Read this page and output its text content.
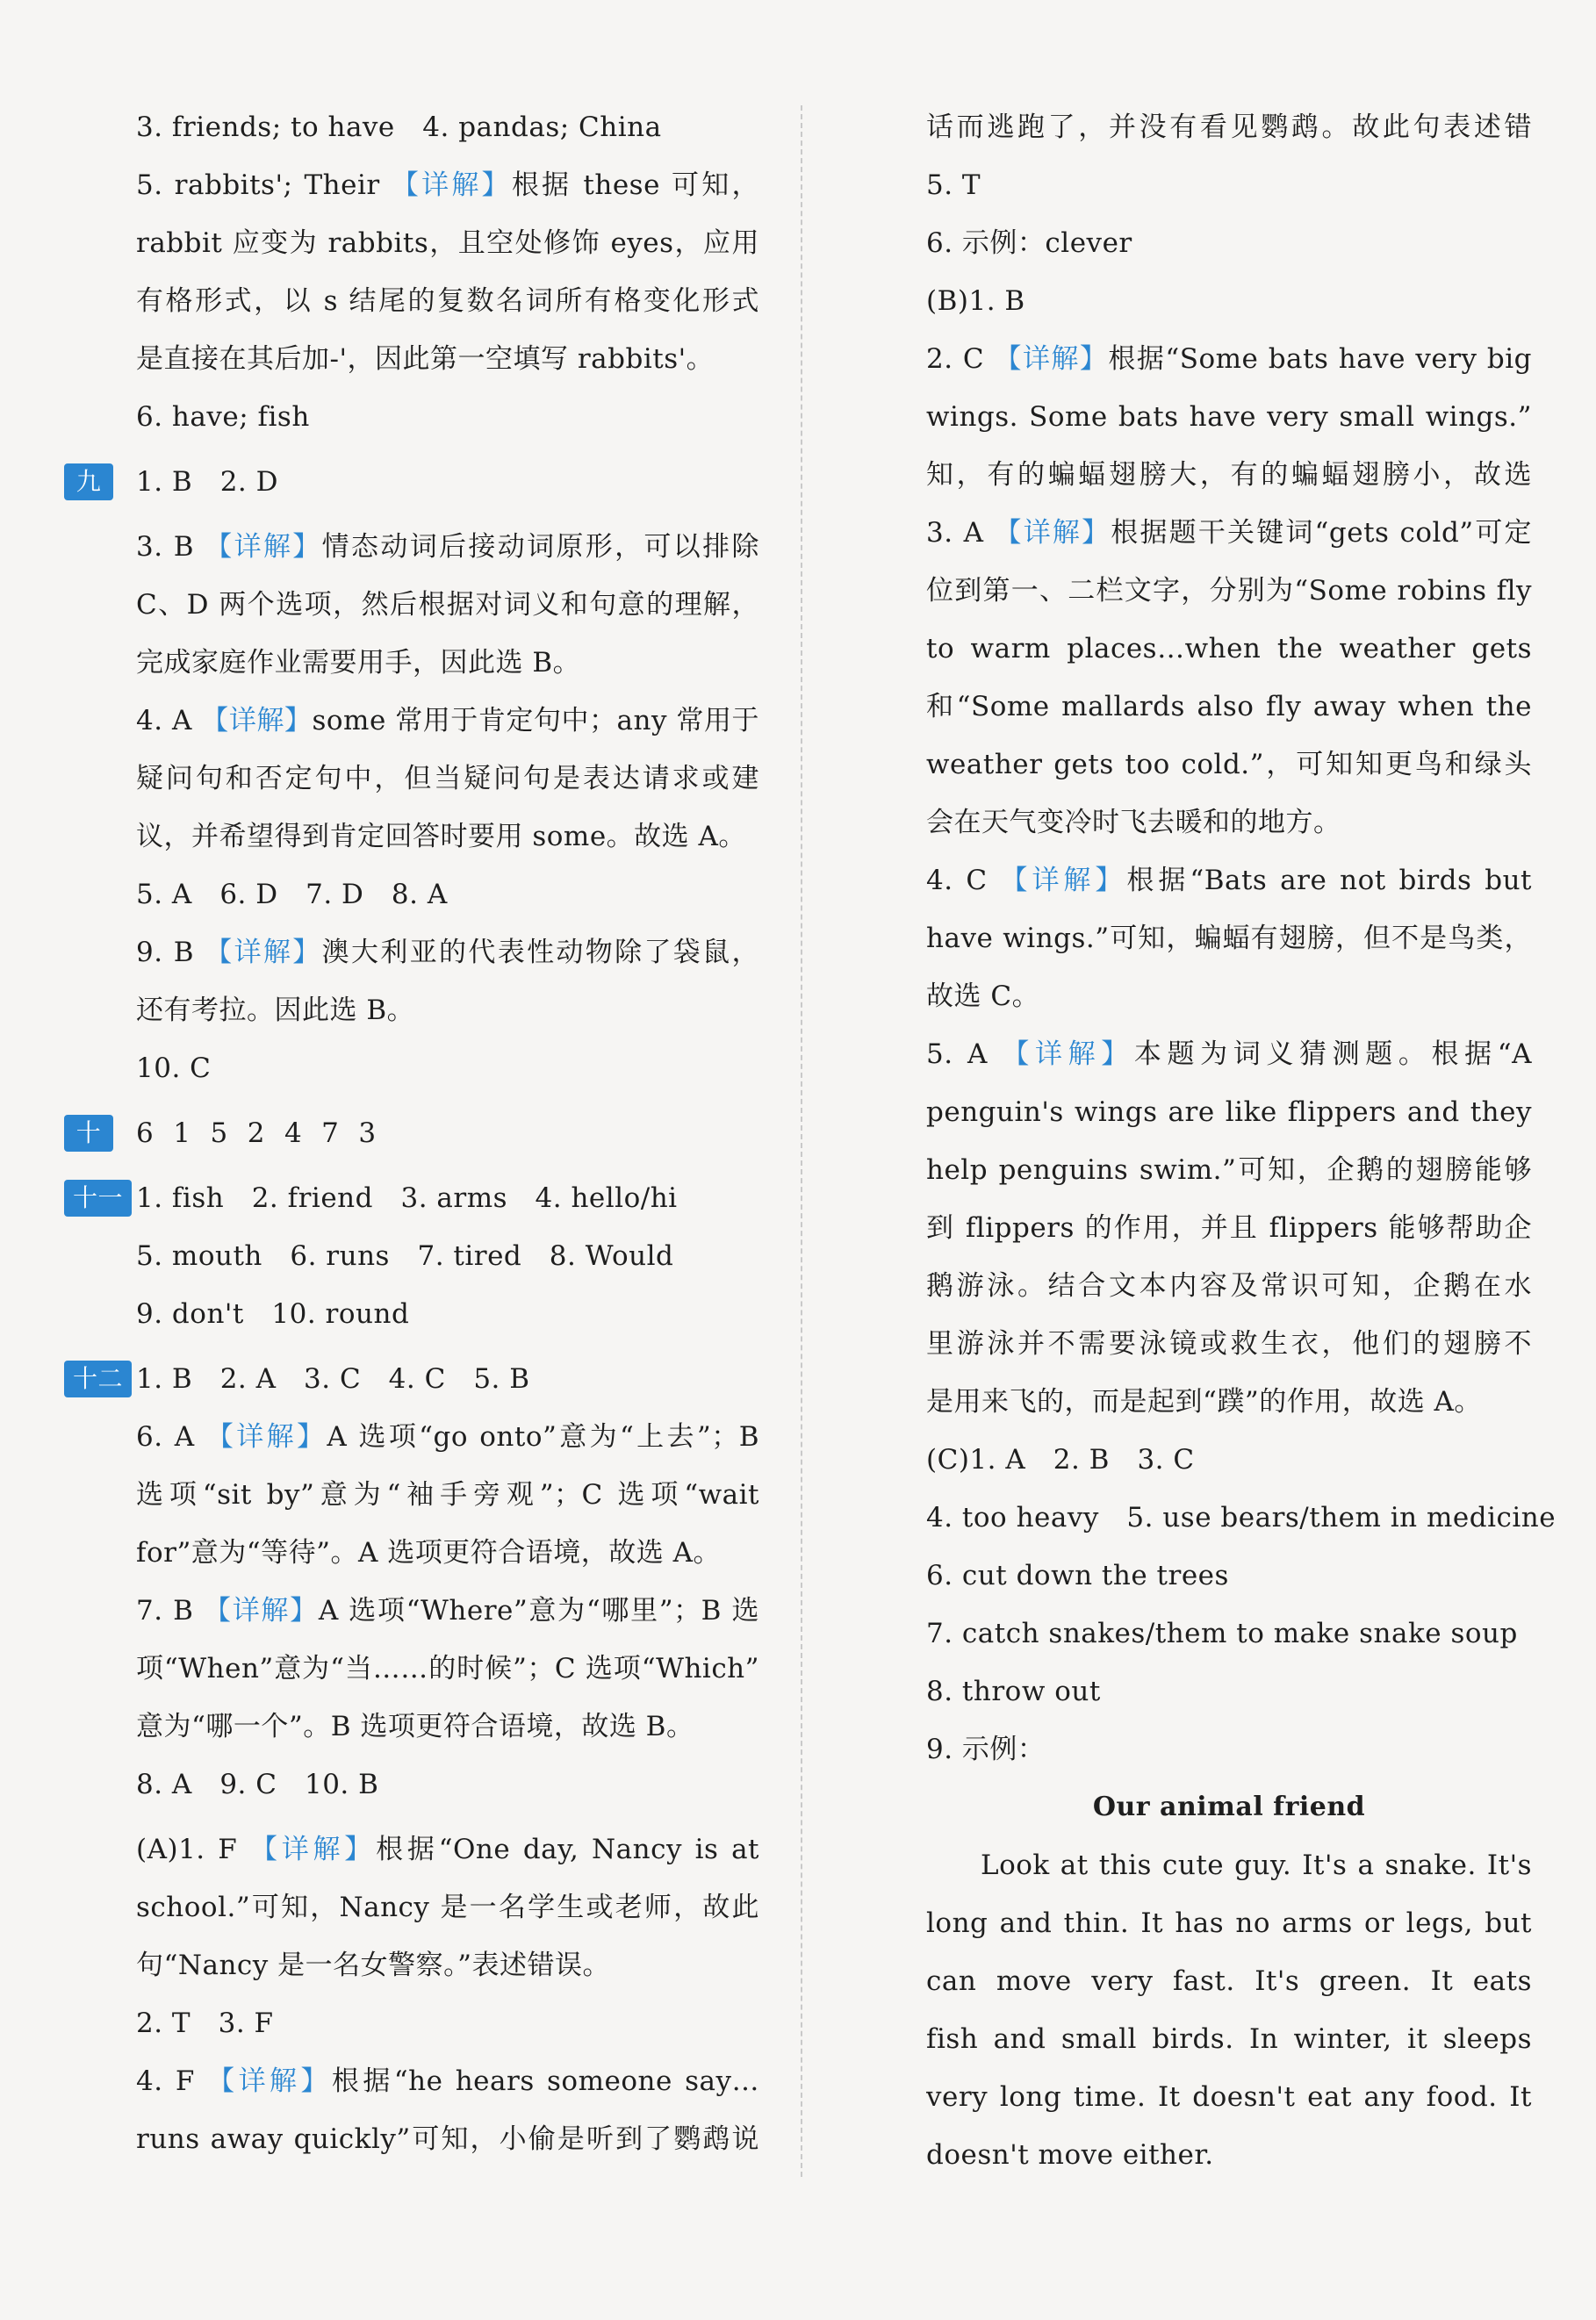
3. friends; to have　4. pandas; China
5. rabbits'; Their 【详解】根据 these 可知，
rabbit 应变为 rabbits，且空处修饰 eyes，应用
有格形式，以 s 结尾的复数名词所有格变化形式
是直接在其后加-'，因此第一空填写 rabbits'。
6. have; fish
九	1. B　2. D
3. B 【详解】情态动词后接动词原形，可以排除
C、D 两个选项，然后根据对词义和句意的理解，
完成家庭作业需要用手，因此选 B。
4. A 【详解】some 常用于肯定句中；any 常用于
疑问句和否定句中，但当疑问句是表达请求或建
议，并希望得到肯定回答时要用 some。故选 A。
5. A　6. D　7. D　8. A
9. B 【详解】澳大利亚的代表性动物除了袋鼠，
还有考拉。因此选 B。
10. C
十	6 1 5 2 4 7 3
十一 1. fish　2. friend　3. arms　4. hello/hi
5. mouth　6. runs　7. tired　8. Would
9. don't　10. round
十二 1. B　2. A　3. C　4. C　5. B
6. A 【详解】A 选项“go onto”意为“上去”；B
选项“sit by”意为“袖手旁观”；C 选项“wait
for”意为“等待”。A 选项更符合语境，故选 A。
7. B 【详解】A 选项“Where”意为“哪里”；B 选
项“When”意为“当……的时候”；C 选项“Which”
意为“哪一个”。B 选项更符合语境，故选 B。
8. A　9. C　10. B
(A)1. F 【详解】根据“One day, Nancy is at
school.”可知，Nancy 是一名学生或老师，故此
句“Nancy 是一名女警察。”表述错误。
2. T　3. F
4. F 【详解】根据“he hears someone say…
runs away quickly”可知，小偷是听到了鹦鹉说
话而逃跑了，并没有看见鹦鹉。故此句表述错
5. T
6. 示例：clever
(B)1. B
2. C 【详解】根据“Some bats have very big
wings. Some bats have very small wings.”
知，有的蝙蝠翅膀大，有的蝙蝠翅膀小，故选
3. A 【详解】根据题干关键词“gets cold”可定
位到第一、二栏文字，分别为“Some robins fly
to warm places…when the weather gets
和“Some mallards also fly away when the
weather gets too cold.”，可知知更鸟和绿头
会在天气变冷时飞去暖和的地方。
4. C 【详解】根据“Bats are not birds but
have wings.”可知，蝙蝠有翅膀，但不是鸟类，
故选 C。
5. A 【详解】本题为词义猜测题。根据“A
penguin's wings are like flippers and they
help penguins swim.”可知，企鹅的翅膀能够
到 flippers 的作用，并且 flippers 能够帮助企
鹅游泳。结合文本内容及常识可知，企鹅在水
里游泳并不需要泳镜或救生衣，他们的翅膀不
是用来飞的，而是起到“蹼”的作用，故选 A。
(C)1. A　2. B　3. C
4. too heavy　5. use bears/them in medicine
6. cut down the trees
7. catch snakes/them to make snake soup
8. throw out
9. 示例：
Our animal friend
Look at this cute guy. It's a snake. It's
long and thin. It has no arms or legs, but
can move very fast. It's green. It eats
fish and small birds. In winter, it sleeps
very long time. It doesn't eat any food. It
doesn't move either.
